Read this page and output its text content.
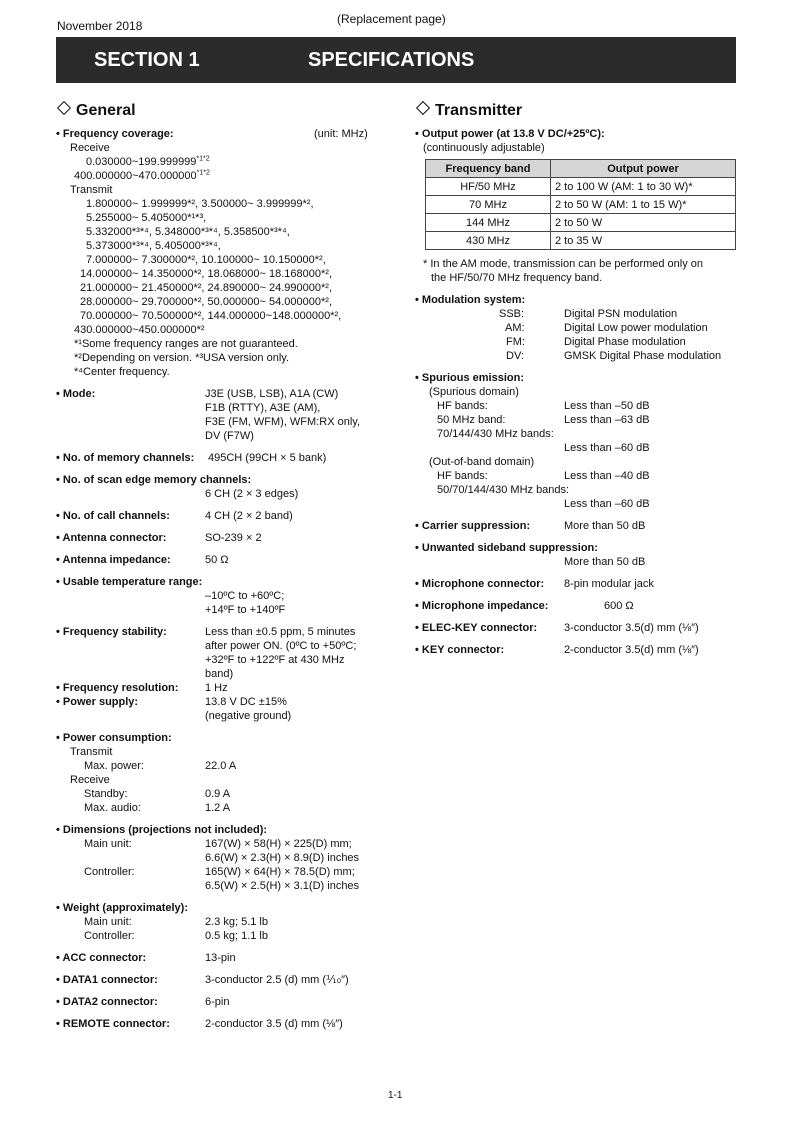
November 2018	(Replacement page)
SECTION 1	SPECIFICATIONS
General
• Frequency coverage:	(unit: MHz)
Receive
$0.030000\sim 199.999999^{*1*2}$
$400.000000\sim 470.000000^{*1*2}$
Transmit
1.800000~ 1.999999*², 3.500000~ 3.999999*²,
5.255000~ 5.405000*¹*³,
5.332000*³*⁴, 5.348000*³*⁴, 5.358500*³*⁴,
5.373000*³*⁴, 5.405000*³*⁴,
7.000000~ 7.300000*², 10.100000~ 10.150000*²,
14.000000~ 14.350000*², 18.068000~ 18.168000*²,
21.000000~ 21.450000*², 24.890000~ 24.990000*²,
28.000000~ 29.700000*², 50.000000~ 54.000000*²,
70.000000~ 70.500000*², 144.000000~148.000000*²,
430.000000~450.000000*²
*¹Some frequency ranges are not guaranteed.
*²Depending on version. *³USA version only.
*⁴Center frequency.
• Mode:	J3E (USB, LSB), A1A (CW)
F1B (RTTY), A3E (AM),
F3E (FM, WFM), WFM:RX only,
DV (F7W)
• No. of memory channels: 495CH (99CH × 5 bank)
• No. of scan edge memory channels:
6 CH (2 × 3 edges)
• No. of call channels:	4 CH (2 × 2 band)
• Antenna connector:	SO-239 × 2
• Antenna impedance:	50 Ω
• Usable temperature range:
–10ºC to +60ºC;
+14ºF to +140ºF
• Frequency stability:	Less than ±0.5 ppm, 5 minutes
after power ON. (0ºC to +50ºC;
+32ºF to +122ºF at 430 MHz
band)
• Frequency resolution: 1 Hz
• Power supply:	13.8 V DC ±15%
(negative ground)
• Power consumption:
Transmit
Max. power:	22.0 A
Receive
Standby:	0.9 A
Max. audio:	1.2 A
• Dimensions (projections not included):
Main unit:	167(W) × 58(H) × 225(D) mm;
6.6(W) × 2.3(H) × 8.9(D) inches
Controller:	165(W) × 64(H) × 78.5(D) mm;
6.5(W) × 2.5(H) × 3.1(D) inches
• Weight (approximately):
Main unit:	2.3 kg; 5.1 lb
Controller:	0.5 kg; 1.1 lb
• ACC connector:	13-pin
• DATA1 connector:	3-conductor 2.5 (d) mm (⅒″)
• DATA2 connector:	6-pin
• REMOTE connector:	2-conductor 3.5 (d) mm (⅛″)
Transmitter
• Output power (at 13.8 V DC/+25ºC):
(continuously adjustable)
Frequency band	Output power
HF/50 MHz	2 to 100 W (AM: 1 to 30 W)*
70 MHz	2 to 50 W (AM: 1 to 15 W)*
144 MHz	2 to 50 W
430 MHz	2 to 35 W
* In the AM mode, transmission can be performed only on
the HF/50/70 MHz frequency band.
• Modulation system:
SSB:	Digital PSN modulation
AM:	Digital Low power modulation
FM:	Digital Phase modulation
DV:	GMSK Digital Phase modulation
• Spurious emission:
(Spurious domain)
HF bands:	Less than –50 dB
50 MHz band:	Less than –63 dB
70/144/430 MHz bands:
Less than –60 dB
(Out-of-band domain)
HF bands:	Less than –40 dB
50/70/144/430 MHz bands:
Less than –60 dB
• Carrier suppression:	More than 50 dB
• Unwanted sideband suppression:
More than 50 dB
• Microphone connector: 8-pin modular jack
• Microphone impedance:	600 Ω
• ELEC-KEY connector: 3-conductor 3.5(d) mm (⅛″)
• KEY connector:	2-conductor 3.5(d) mm (⅛″)
1-1
